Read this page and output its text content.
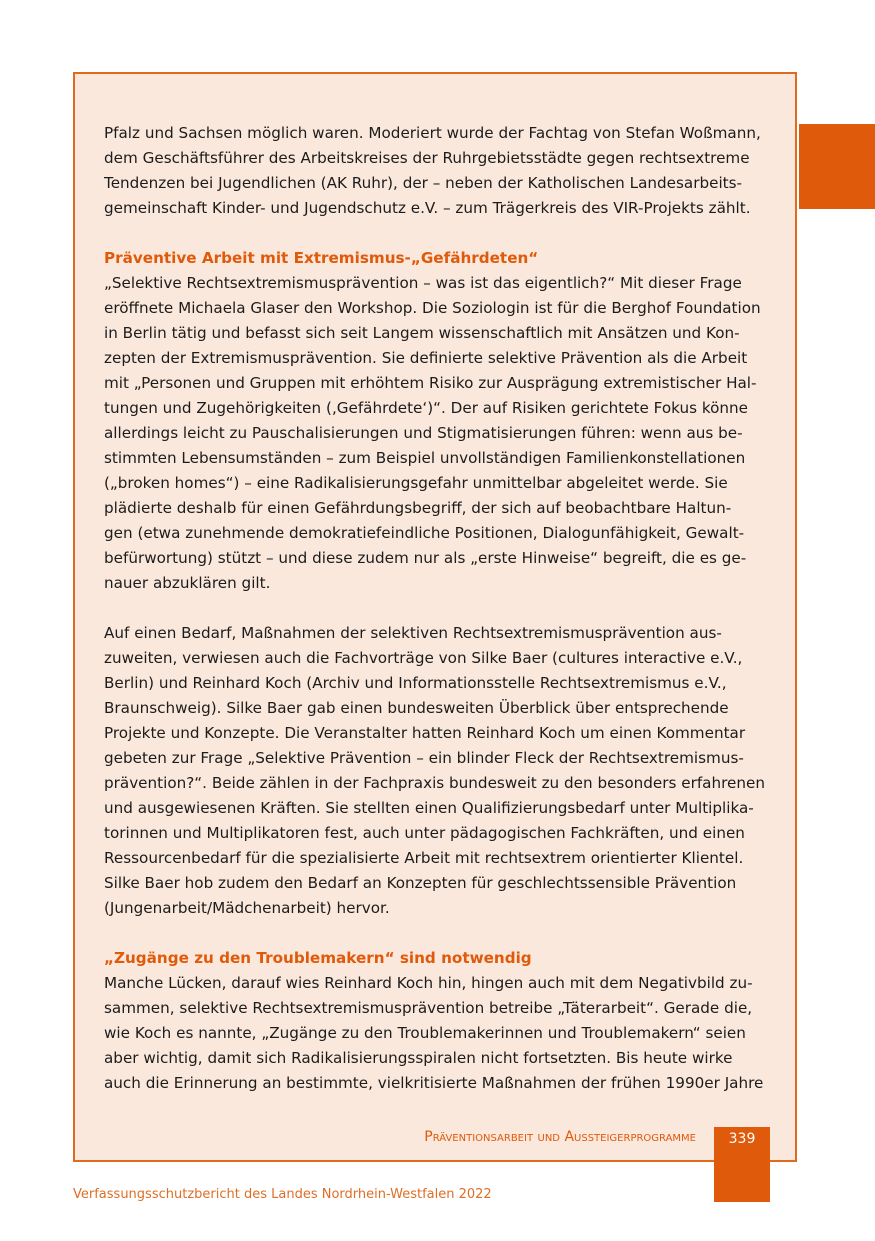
Pfalz und Sachsen möglich waren. Moderiert wurde der Fachtag von Stefan Woßmann,
dem Geschäftsführer des Arbeitskreises der Ruhrgebietsstädte gegen rechtsextreme
Tendenzen bei Jugendlichen (AK Ruhr), der – neben der Katholischen Landesarbeits-
gemeinschaft Kinder- und Jugendschutz e.V. – zum Trägerkreis des VIR-Projekts zählt.
Präventive Arbeit mit Extremismus-„Gefährdeten“
„Selektive Rechtsextremismusprävention – was ist das eigentlich?“ Mit dieser Frage
eröffnete Michaela Glaser den Workshop. Die Soziologin ist für die Berghof Foundation
in Berlin tätig und befasst sich seit Langem wissenschaftlich mit Ansätzen und Kon-
zepten der Extremismusprävention. Sie definierte selektive Prävention als die Arbeit
mit „Personen und Gruppen mit erhöhtem Risiko zur Ausprägung extremistischer Hal-
tungen und Zugehörigkeiten (‚Gefährdete‘)“. Der auf Risiken gerichtete Fokus könne
allerdings leicht zu Pauschalisierungen und Stigmatisierungen führen: wenn aus be-
stimmten Lebensumständen – zum Beispiel unvollständigen Familienkonstellationen
(„broken homes“) – eine Radikalisierungsgefahr unmittelbar abgeleitet werde. Sie
plädierte deshalb für einen Gefährdungsbegriff, der sich auf beobachtbare Haltun-
gen (etwa zunehmende demokratiefeindliche Positionen, Dialogunfähigkeit, Gewalt-
befürwortung) stützt – und diese zudem nur als „erste Hinweise“ begreift, die es ge-
nauer abzuklären gilt.
Auf einen Bedarf, Maßnahmen der selektiven Rechtsextremismusprävention aus-
zuweiten, verwiesen auch die Fachvorträge von Silke Baer (cultures interactive e.V.,
Berlin) und Reinhard Koch (Archiv und Informationsstelle Rechtsextremismus e.V.,
Braunschweig). Silke Baer gab einen bundesweiten Überblick über entsprechende
Projekte und Konzepte. Die Veranstalter hatten Reinhard Koch um einen Kommentar
gebeten zur Frage „Selektive Prävention – ein blinder Fleck der Rechtsextremismus-
prävention?“. Beide zählen in der Fachpraxis bundesweit zu den besonders erfahrenen
und ausgewiesenen Kräften. Sie stellten einen Qualifizierungsbedarf unter Multiplika-
torinnen und Multiplikatoren fest, auch unter pädagogischen Fachkräften, und einen
Ressourcenbedarf für die spezialisierte Arbeit mit rechtsextrem orientierter Klientel.
Silke Baer hob zudem den Bedarf an Konzepten für geschlechtssensible Prävention
(Jungenarbeit/Mädchenarbeit) hervor.
„Zugänge zu den Troublemakern“ sind notwendig
Manche Lücken, darauf wies Reinhard Koch hin, hingen auch mit dem Negativbild zu-
sammen, selektive Rechtsextremismusprävention betreibe „Täterarbeit“. Gerade die,
wie Koch es nannte, „Zugänge zu den Troublemakerinnen und Troublemakern“ seien
aber wichtig, damit sich Radikalisierungsspiralen nicht fortsetzten. Bis heute wirke
auch die Erinnerung an bestimmte, vielkritisierte Maßnahmen der frühen 1990er Jahre
Präventionsarbeit und Aussteigerprogramme	339
Verfassungsschutzbericht des Landes Nordrhein-Westfalen 2022
